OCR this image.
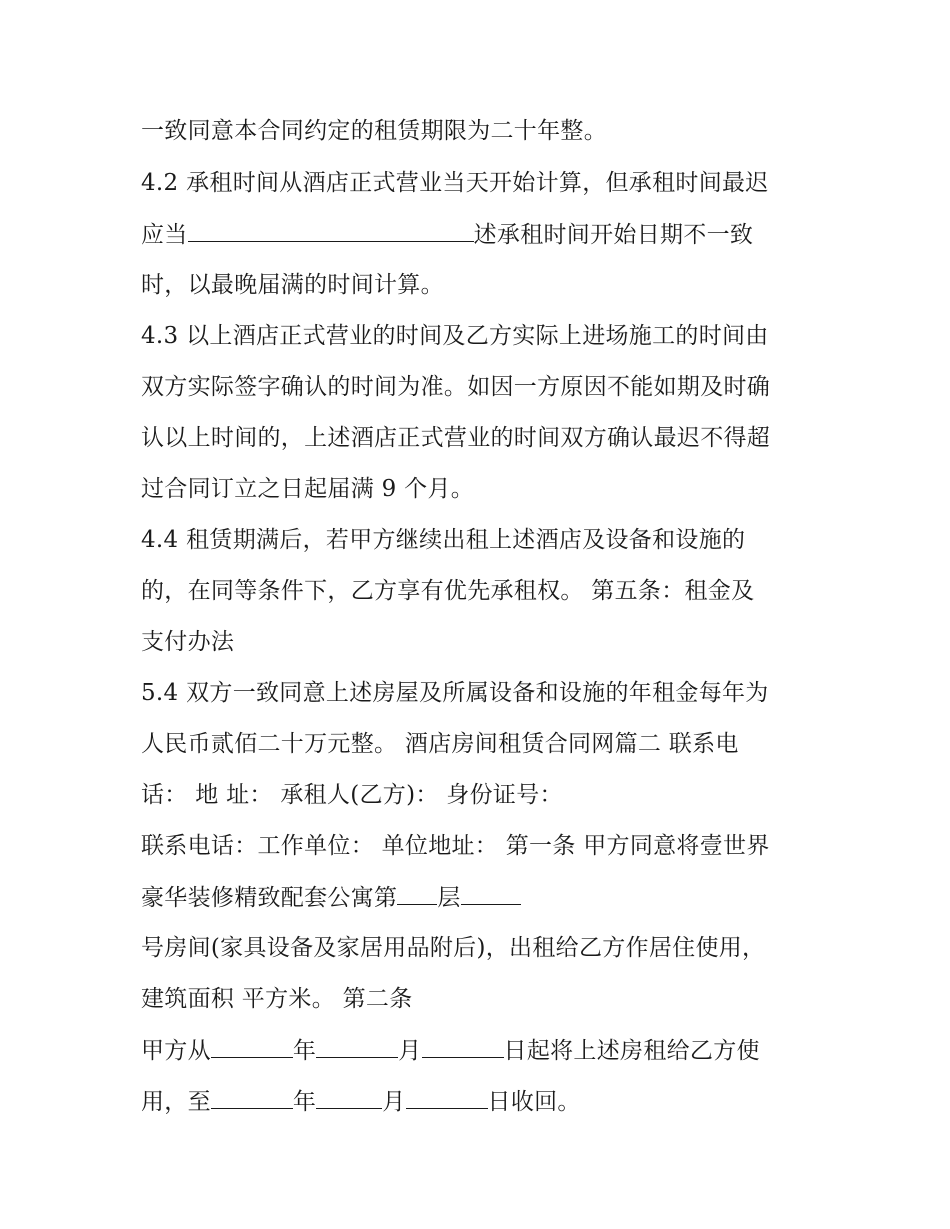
一致同意本合同约定的租赁期限为二十年整。
4.2 承租时间从酒店正式营业当天开始计算，但承租时间最迟
应当	述承租时间开始日期不一致
时，以最晚届满的时间计算。
4.3 以上酒店正式营业的时间及乙方实际上进场施工的时间由
双方实际签字确认的时间为准。如因一方原因不能如期及时确
认以上时间的，上述酒店正式营业的时间双方确认最迟不得超
过合同订立之日起届满 9 个月。
4.4 租赁期满后，若甲方继续出租上述酒店及设备和设施的
的，在同等条件下，乙方享有优先承租权。 第五条：租金及
支付办法
5.4 双方一致同意上述房屋及所属设备和设施的年租金每年为
人民币贰佰二十万元整。 酒店房间租赁合同网篇二 联系电
话： 地 址： 承租人(乙方)： 身份证号：
联系电话：工作单位： 单位地址： 第一条 甲方同意将壹世界
豪华装修精致配套公寓第 层
号房间(家具设备及家居用品附后)，出租给乙方作居住使用，
建筑面积 平方米。 第二条
甲方从	年	月	日起将上述房租给乙方使
用，至	年	月	日收回。
